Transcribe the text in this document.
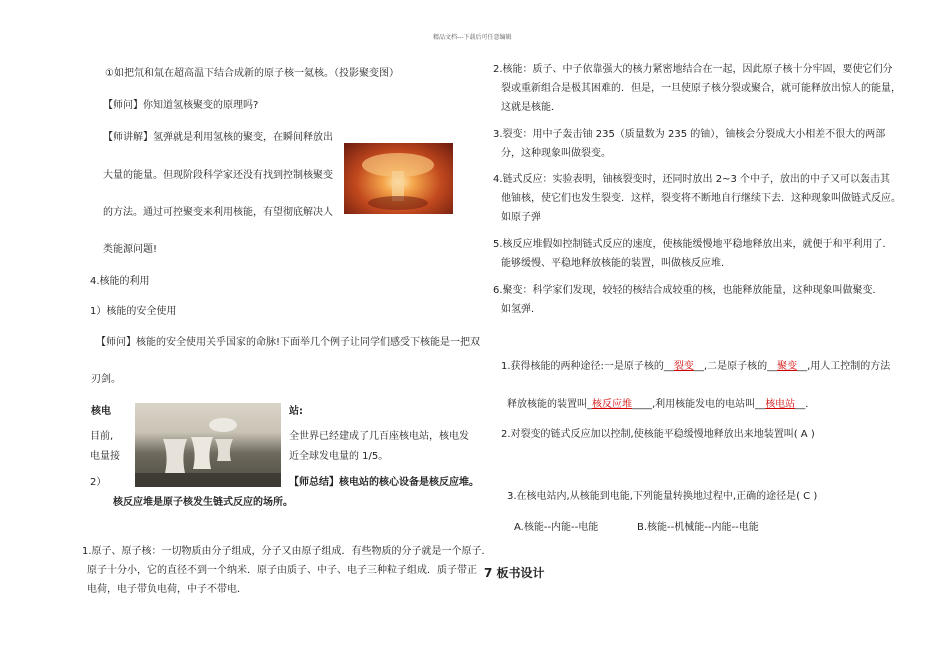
精品文档---下载后可任意编辑
①如把氘和氚在超高温下结合成新的原子核一氦核。（投影聚变图）
【师问】你知道氢核聚变的原理吗?
【师讲解】氢弹就是利用氢核的聚变，在瞬间释放出
大量的能量。但现阶段科学家还没有找到控制核聚变
的方法。通过可控聚变来利用核能，有望彻底解决人
类能源问题!
4.核能的利用
1）核能的安全使用
【师问】核能的安全使用关乎国家的命脉!下面举几个例子让同学们感受下核能是一把双
刃剑。
核电
目前,
电量接
2）
站:
全世界已经建成了几百座核电站，核电发
近全球发电量的 1/5。
【师总结】核电站的核心设备是核反应堆。
核反应堆是原子核发生链式反应的场所。
1.原子、原子核：一切物质由分子组成，分子又由原子组成．有些物质的分子就是一个原子．
原子十分小，它的直径不到一个纳米．原子由质子、中子、电子三种粒子组成．质子带正
电荷，电子带负电荷，中子不带电．
2.核能：质子、中子依靠强大的核力紧密地结合在一起，因此原子核十分牢固，要使它们分
裂或重新组合是极其困难的．但是，一旦使原子核分裂或聚合，就可能释放出惊人的能量，
这就是核能．
3.裂变：用中子轰击铀 235（质量数为 235 的铀），铀核会分裂成大小相差不很大的两部
分，这种现象叫做裂变。
4.链式反应：实验表明，铀核裂变时，还同时放出 2~3 个中子，放出的中子又可以轰击其
他铀核，使它们也发生裂变．这样，裂变将不断地自行继续下去．这种现象叫做链式反应。
如原子弹
5.核反应堆假如控制链式反应的速度，使核能缓慢地平稳地释放出来，就便于和平利用了．
能够缓慢、平稳地释放核能的装置，叫做核反应堆．
6.聚变：科学家们发现，较轻的核结合成较重的核，也能释放能量，这种现象叫做聚变．
如氢弹．
1.获得核能的两种途径:一是原子核的__裂变__,二是原子核的__聚变__,用人工控制的方法
释放核能的装置叫_核反应堆____,利用核能发电的电站叫__核电站__．
2.对裂变的链式反应加以控制,使核能平稳缓慢地释放出来地装置叫( A )
3.在核电站内,从核能到电能,下列能量转换地过程中,正确的途径是( C )
A.核能--内能--电能	B.核能--机械能--内能--电能
7 板书设计
